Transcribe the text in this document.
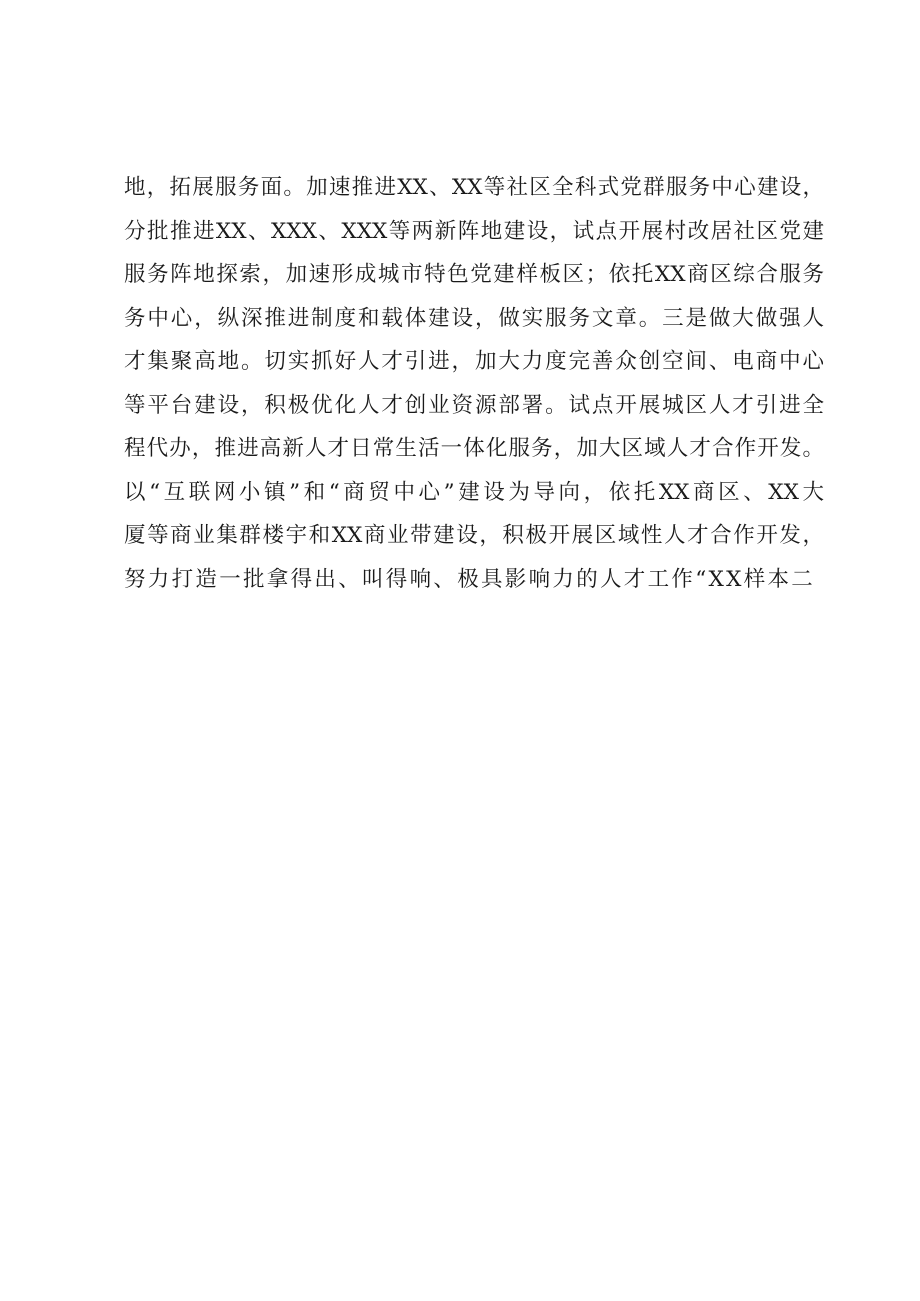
地，拓展服务面。加速推进XX、XX等社区全科式党群服务中心建设，
分批推进XX、XXX、XXX等两新阵地建设，试点开展村改居社区党建
服务阵地探索，加速形成城市特色党建样板区；依托XX商区综合服务
务中心，纵深推进制度和载体建设，做实服务文章。三是做大做强人
才集聚高地。切实抓好人才引进，加大力度完善众创空间、电商中心
等平台建设，积极优化人才创业资源部署。试点开展城区人才引进全
程代办，推进高新人才日常生活一体化服务，加大区域人才合作开发。
以“互联网小镇”和“商贸中心”建设为导向，依托XX商区、XX大
厦等商业集群楼宇和XX商业带建设，积极开展区域性人才合作开发，
努力打造一批拿得出、叫得响、极具影响力的人才工作“XX样本二
